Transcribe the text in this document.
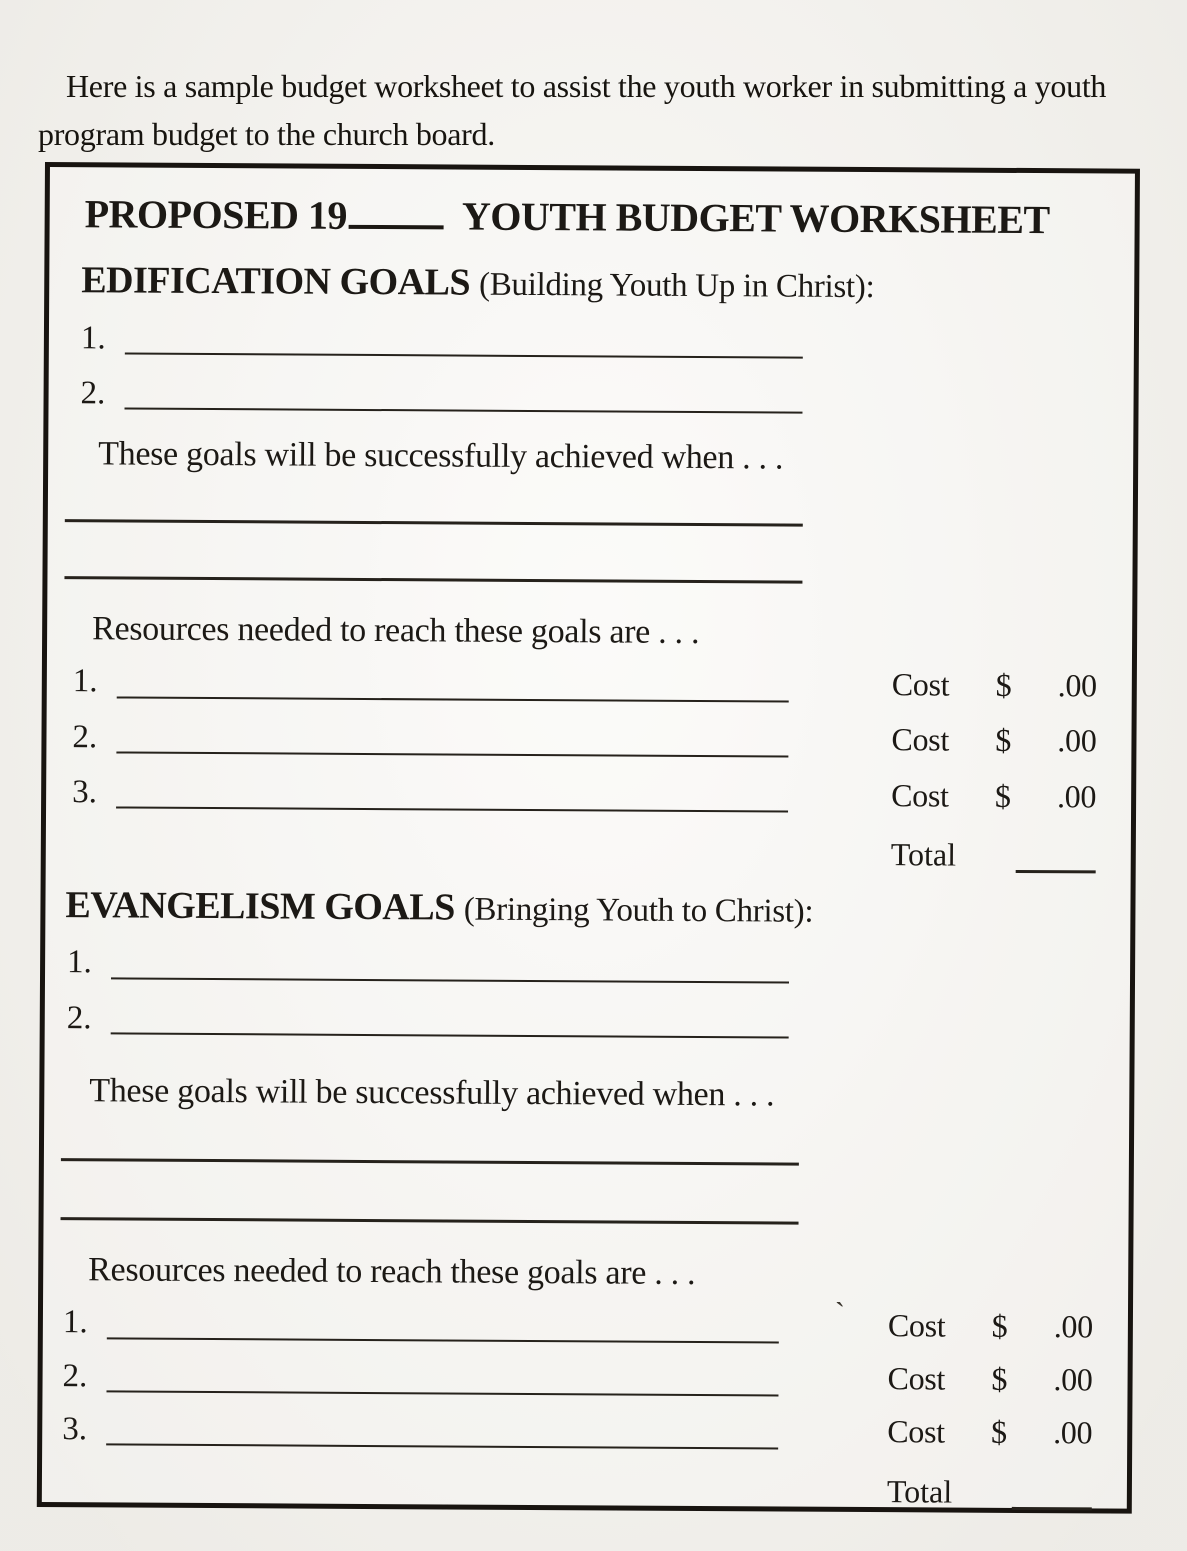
Here is a sample budget worksheet to assist the youth worker in submitting a youth program budget to the church board.

PROPOSED 19	YOUTH BUDGET WORKSHEET
EDIFICATION GOALS (Building Youth Up in Christ):
1.
2.
These goals will be successfully achieved when . . .
Resources needed to reach these goals are . . .
1.	Cost $ .00
2.	Cost $ .00
3.	Cost $ .00
Total
EVANGELISM GOALS (Bringing Youth to Christ):
1.
2.
These goals will be successfully achieved when . . .
Resources needed to reach these goals are . . .
1.	` Cost $ .00
2.	Cost $ .00
3.	Cost $ .00
Total
